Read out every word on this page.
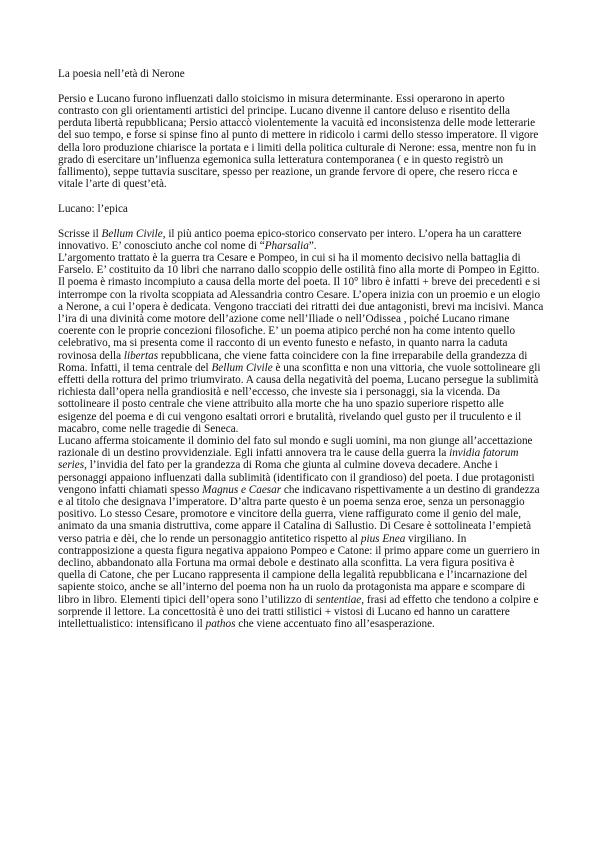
La poesia nell’età di Nerone

Persio e Lucano furono influenzati dallo stoicismo in misura determinante. Essi operarono in aperto contrasto con gli orientamenti artistici del principe. Lucano divenne il cantore deluso e risentito della perduta libertà repubblicana; Persio attaccò violentemente la vacuità ed inconsistenza delle mode letterarie del suo tempo, e forse si spinse fino al punto di mettere in ridicolo i carmi dello stesso imperatore. Il vigore della loro produzione chiarisce la portata e i limiti della politica culturale di Nerone: essa, mentre non fu in grado di esercitare un’influenza egemonica sulla letteratura contemporanea ( e in questo registrò un fallimento), seppe tuttavia suscitare, spesso per reazione, un grande fervore di opere, che resero ricca e vitale l’arte di quest’età.

Lucano: l’epica

Scrisse il Bellum Civile, il più antico poema epico-storico conservato per intero. L’opera ha un carattere innovativo. E’ conosciuto anche col nome di “Pharsalia”.

L’argomento trattato è la guerra tra Cesare e Pompeo, in cui si ha il momento decisivo nella battaglia di Farselo. E’ costituito da 10 libri che narrano dallo scoppio delle ostilità fino alla morte di Pompeo in Egitto. Il poema è rimasto incompiuto a causa della morte del poeta. Il 10° libro è infatti + breve dei precedenti e si interrompe con la rivolta scoppiata ad Alessandria contro Cesare. L’opera inizia con un proemio e un elogio a Nerone, a cui l’opera è dedicata. Vengono tracciati dei ritratti dei due antagonisti, brevi ma incisivi. Manca l’ira di una divinità come motore dell’azione come nell’Iliade o nell’Odissea , poiché Lucano rimane coerente con le proprie concezioni filosofiche. E’ un poema atipico perché non ha come intento quello celebrativo, ma si presenta come il racconto di un evento funesto e nefasto, in quanto narra la caduta rovinosa della libertas repubblicana, che viene fatta coincidere con la fine irreparabile della grandezza di Roma. Infatti, il tema centrale del Bellum Civile è una sconfitta e non una vittoria, che vuole sottolineare gli effetti della rottura del primo triumvirato. A causa della negatività del poema, Lucano persegue la sublimità richiesta dall’opera nella grandiosità e nell’eccesso, che investe sia i personaggi, sia la vicenda. Da sottolineare il posto centrale che viene attribuito alla morte che ha uno spazio superiore rispetto alle esigenze del poema e di cui vengono esaltati orrori e brutalità, rivelando quel gusto per il truculento e il macabro, come nelle tragedie di Seneca.

Lucano afferma stoicamente il dominio del fato sul mondo e sugli uomini, ma non giunge all’accettazione razionale di un destino provvidenziale. Egli infatti annovera tra le cause della guerra la invidia fatorum series, l’invidia del fato per la grandezza di Roma che giunta al culmine doveva decadere. Anche i personaggi appaiono influenzati dalla sublimità (identificato con il grandioso) del poeta. I due protagonisti vengono infatti chiamati spesso Magnus e Caesar che indicavano rispettivamente a un destino di grandezza e al titolo che designava l’imperatore. D’altra parte questo è un poema senza eroe, senza un personaggio positivo. Lo stesso Cesare, promotore e vincitore della guerra, viene raffigurato come il genio del male, animato da una smania distruttiva, come appare il Catalina di Sallustio. Di Cesare è sottolineata l’empietà verso patria e dèi, che lo rende un personaggio antitetico rispetto al pius Enea virgiliano. In contrapposizione a questa figura negativa appaiono Pompeo e Catone: il primo appare come un guerriero in declino, abbandonato alla Fortuna ma ormai debole e destinato alla sconfitta. La vera figura positiva è quella di Catone, che per Lucano rappresenta il campione della legalità repubblicana e l’incarnazione del sapiente stoico, anche se all’interno del poema non ha un ruolo da protagonista ma appare e scompare di libro in libro. Elementi tipici dell’opera sono l’utilizzo di sententiae, frasi ad effetto che tendono a colpire e sorprende il lettore. La concettosità è uno dei tratti stilistici + vistosi di Lucano ed hanno un carattere intellettualistico: intensificano il pathos che viene accentuato fino all’esasperazione.
